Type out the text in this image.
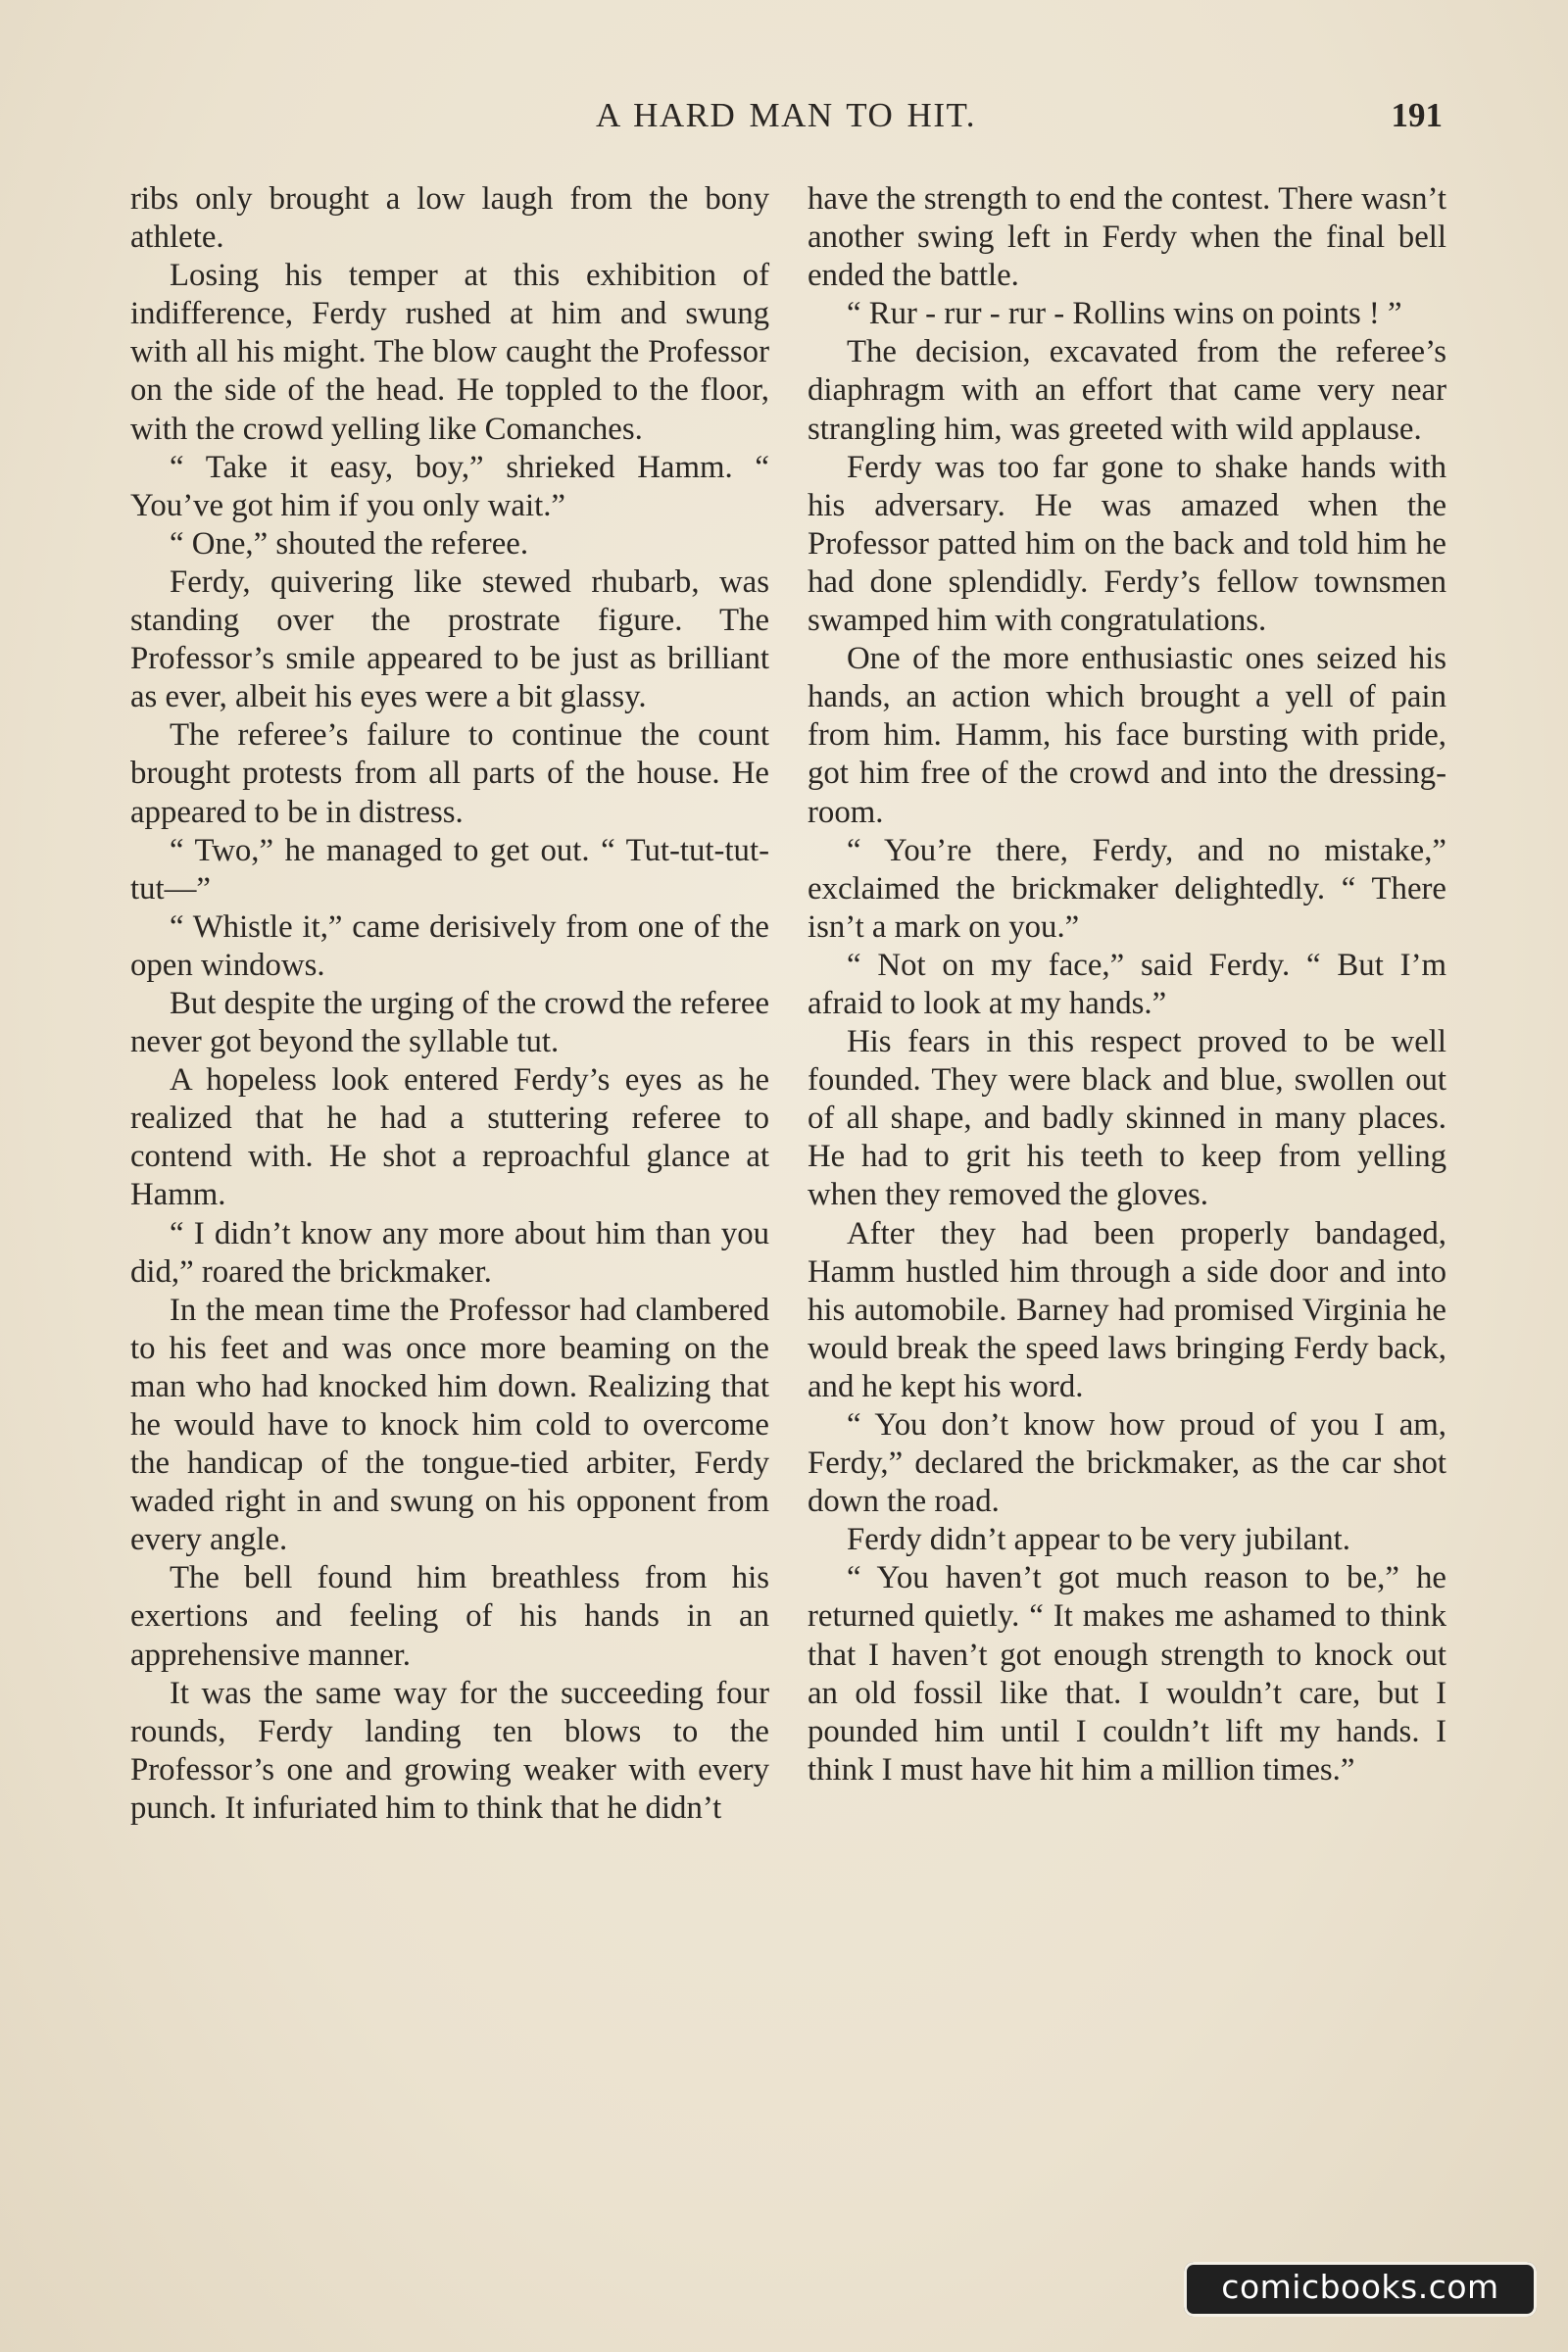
A HARD MAN TO HIT.	191

ribs only brought a low laugh from the bony athlete.

Losing his temper at this exhibition of indifference, Ferdy rushed at him and swung with all his might. The blow caught the Professor on the side of the head. He toppled to the floor, with the crowd yelling like Comanches.

“ Take it easy, boy,” shrieked Hamm. “ You’ve got him if you only wait.”

“ One,” shouted the referee.

Ferdy, quivering like stewed rhubarb, was standing over the prostrate figure. The Professor’s smile appeared to be just as brilliant as ever, albeit his eyes were a bit glassy.

The referee’s failure to continue the count brought protests from all parts of the house. He appeared to be in distress.

“ Two,” he managed to get out. “ Tut-tut-tut-tut—”

“ Whistle it,” came derisively from one of the open windows.

But despite the urging of the crowd the referee never got beyond the syllable tut.

A hopeless look entered Ferdy’s eyes as he realized that he had a stuttering referee to contend with. He shot a reproachful glance at Hamm.

“ I didn’t know any more about him than you did,” roared the brickmaker.

In the mean time the Professor had clambered to his feet and was once more beaming on the man who had knocked him down. Realizing that he would have to knock him cold to overcome the handicap of the tongue-tied arbiter, Ferdy waded right in and swung on his opponent from every angle.

The bell found him breathless from his exertions and feeling of his hands in an apprehensive manner.

It was the same way for the succeeding four rounds, Ferdy landing ten blows to the Professor’s one and growing weaker with every punch. It infuriated him to think that he didn’t

have the strength to end the contest. There wasn’t another swing left in Ferdy when the final bell ended the battle.

“ Rur - rur - rur - Rollins wins on points ! ”

The decision, excavated from the referee’s diaphragm with an effort that came very near strangling him, was greeted with wild applause.

Ferdy was too far gone to shake hands with his adversary. He was amazed when the Professor patted him on the back and told him he had done splendidly. Ferdy’s fellow townsmen swamped him with congratulations.

One of the more enthusiastic ones seized his hands, an action which brought a yell of pain from him. Hamm, his face bursting with pride, got him free of the crowd and into the dressing-room.

“ You’re there, Ferdy, and no mistake,” exclaimed the brickmaker delightedly. “ There isn’t a mark on you.”

“ Not on my face,” said Ferdy. “ But I’m afraid to look at my hands.”

His fears in this respect proved to be well founded. They were black and blue, swollen out of all shape, and badly skinned in many places. He had to grit his teeth to keep from yelling when they removed the gloves.

After they had been properly bandaged, Hamm hustled him through a side door and into his automobile. Barney had promised Virginia he would break the speed laws bringing Ferdy back, and he kept his word.

“ You don’t know how proud of you I am, Ferdy,” declared the brickmaker, as the car shot down the road.

Ferdy didn’t appear to be very jubilant.

“ You haven’t got much reason to be,” he returned quietly. “ It makes me ashamed to think that I haven’t got enough strength to knock out an old fossil like that. I wouldn’t care, but I pounded him until I couldn’t lift my hands. I think I must have hit him a million times.”

comicbooks.com
